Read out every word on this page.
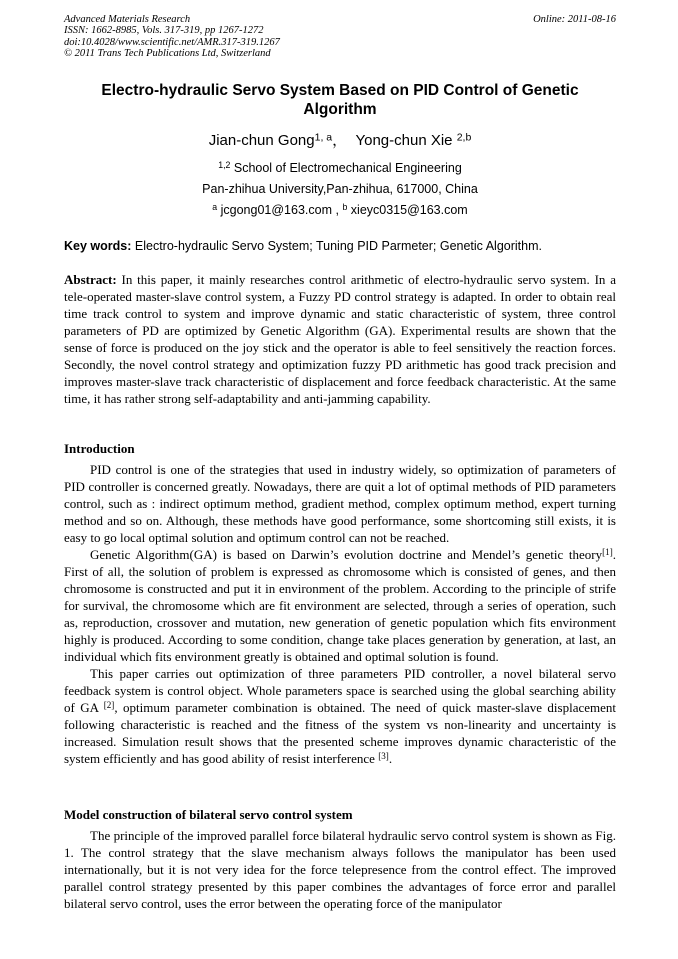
Advanced Materials Research
ISSN: 1662-8985, Vols. 317-319, pp 1267-1272
doi:10.4028/www.scientific.net/AMR.317-319.1267
© 2011 Trans Tech Publications Ltd, Switzerland
Online: 2011-08-16
Electro-hydraulic Servo System Based on PID Control of Genetic Algorithm
Jian-chun Gong$^{1, a}$， Yong-chun Xie $^{2,b}$
$^{1,2}$ School of Electromechanical Engineering
Pan-zhihua University,Pan-zhihua, 617000, China
$^a$ jcgong01@163.com , $^b$ xieyc0315@163.com
Key words: Electro-hydraulic Servo System; Tuning PID Parmeter; Genetic Algorithm.

Abstract: In this paper, it mainly researches control arithmetic of electro-hydraulic servo system. In a tele-operated master-slave control system, a Fuzzy PD control strategy is adapted. In order to obtain real time track control to system and improve dynamic and static characteristic of system, three control parameters of PD are optimized by Genetic Algorithm (GA). Experimental results are shown that the sense of force is produced on the joy stick and the operator is able to feel sensitively the reaction forces. Secondly, the novel control strategy and optimization fuzzy PD arithmetic has good track precision and improves master-slave track characteristic of displacement and force feedback characteristic. At the same time, it has rather strong self-adaptability and anti-jamming capability.

Introduction

PID control is one of the strategies that used in industry widely, so optimization of parameters of PID controller is concerned greatly. Nowadays, there are quit a lot of optimal methods of PID parameters control, such as : indirect optimum method, gradient method, complex optimum method, expert turning method and so on. Although, these methods have good performance, some shortcoming still exists, it is easy to go local optimal solution and optimum control can not be reached.

Genetic Algorithm(GA) is based on Darwin’s evolution doctrine and Mendel’s genetic theory[1]. First of all, the solution of problem is expressed as chromosome which is consisted of genes, and then chromosome is constructed and put it in environment of the problem. According to the principle of strife for survival, the chromosome which are fit environment are selected, through a series of operation, such as, reproduction, crossover and mutation, new generation of genetic population which fits environment highly is produced. According to some condition, change take places generation by generation, at last, an individual which fits environment greatly is obtained and optimal solution is found.

This paper carries out optimization of three parameters PID controller, a novel bilateral servo feedback system is control object. Whole parameters space is searched using the global searching ability of GA [2], optimum parameter combination is obtained. The need of quick master-slave displacement following characteristic is reached and the fitness of the system vs non-linearity and uncertainty is increased. Simulation result shows that the presented scheme improves dynamic characteristic of the system efficiently and has good ability of resist interference [3].

Model construction of bilateral servo control system

The principle of the improved parallel force bilateral hydraulic servo control system is shown as Fig. 1. The control strategy that the slave mechanism always follows the manipulator has been used internationally, but it is not very idea for the force telepresence from the control effect. The improved parallel control strategy presented by this paper combines the advantages of force error and parallel bilateral servo control, uses the error between the operating force of the manipulator
